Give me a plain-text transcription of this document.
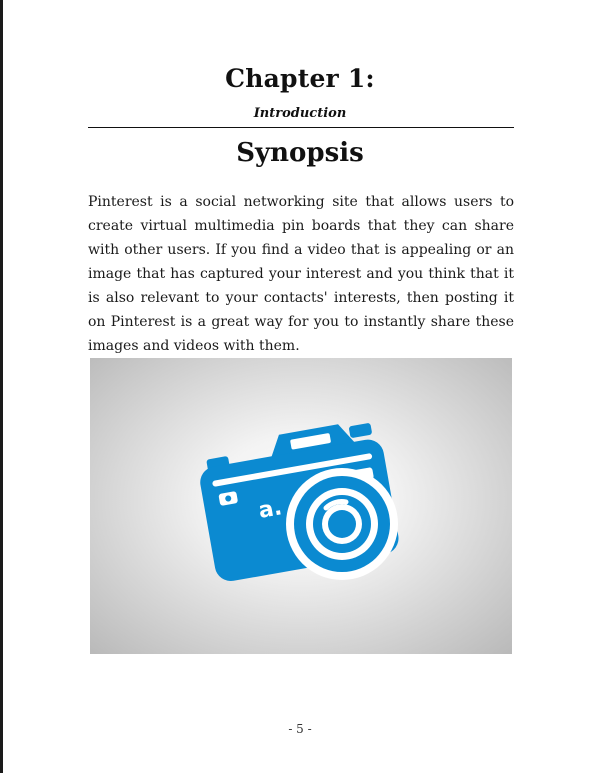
Chapter 1:
Introduction
Synopsis

Pinterest is a social networking site that allows users to create virtual multimedia pin boards that they can share with other users. If you find a video that is appealing or an image that has captured your interest and you think that it is also relevant to your contacts' interests, then posting it on Pinterest is a great way for you to instantly share these images and videos with them.

a.
- 5 -
